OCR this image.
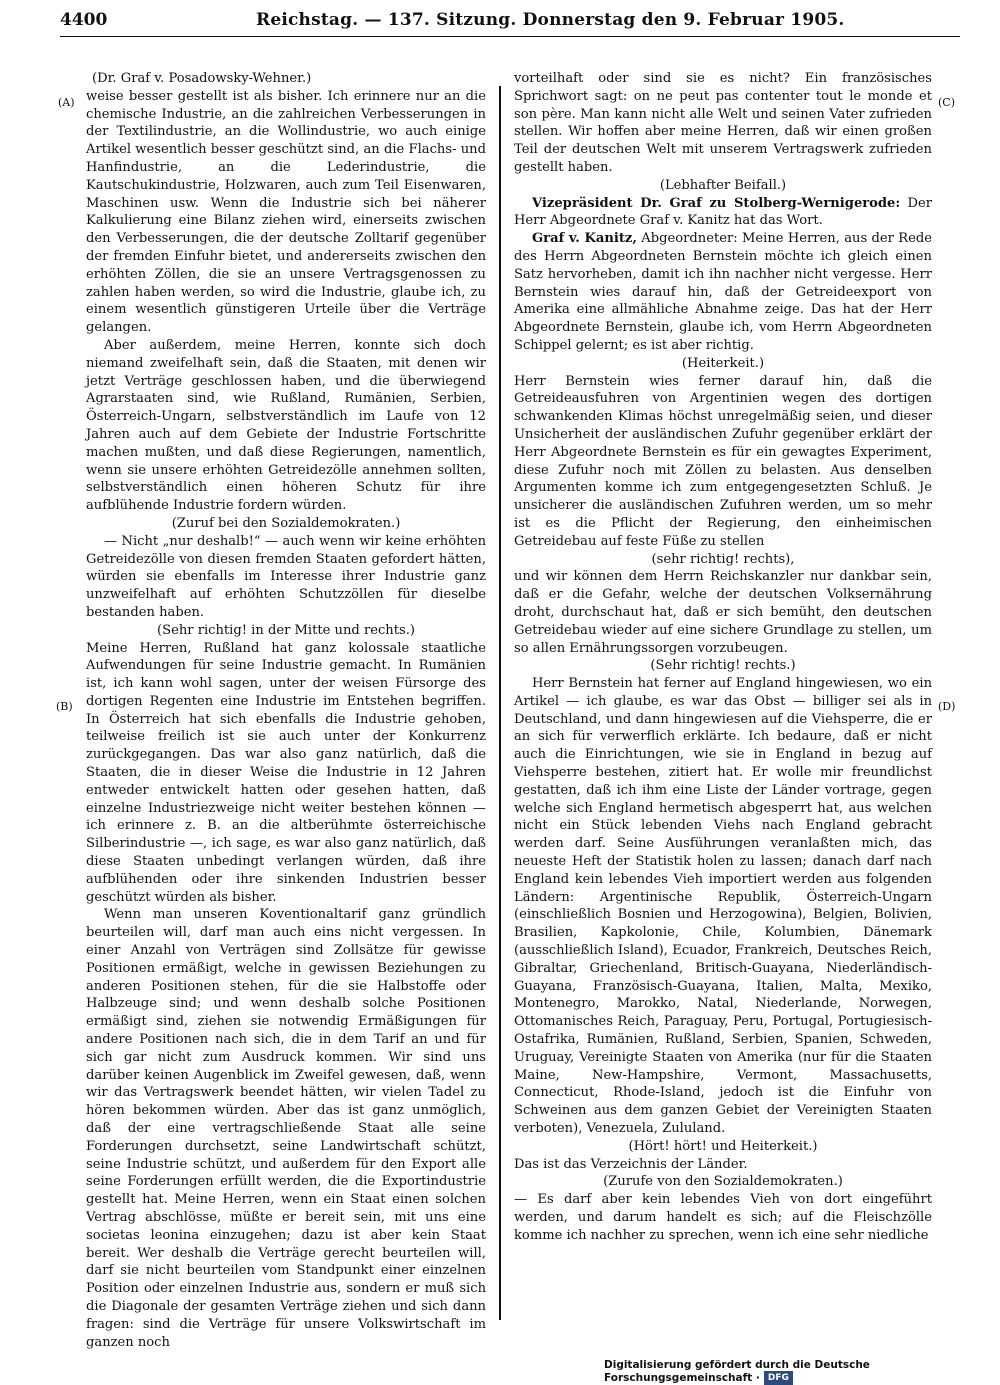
4400	Reichstag. — 137. Sitzung. Donnerstag den 9. Februar 1905.
(A)
(B)
(C)
(D)

(Dr. Graf v. Posadowsky-Wehner.)

weise besser gestellt ist als bisher. Ich erinnere nur an die chemische Industrie, an die zahlreichen Verbesserungen in der Textilindustrie, an die Wollindustrie, wo auch einige Artikel wesentlich besser geschützt sind, an die Flachs- und Hanfindustrie, an die Lederindustrie, die Kautschukindustrie, Holzwaren, auch zum Teil Eisenwaren, Maschinen usw. Wenn die Industrie sich bei näherer Kalkulierung eine Bilanz ziehen wird, einerseits zwischen den Verbesserungen, die der deutsche Zolltarif gegenüber der fremden Einfuhr bietet, und andererseits zwischen den erhöhten Zöllen, die sie an unsere Vertragsgenossen zu zahlen haben werden, so wird die Industrie, glaube ich, zu einem wesentlich günstigeren Urteile über die Verträge gelangen.

Aber außerdem, meine Herren, konnte sich doch niemand zweifelhaft sein, daß die Staaten, mit denen wir jetzt Verträge geschlossen haben, und die überwiegend Agrarstaaten sind, wie Rußland, Rumänien, Serbien, Österreich-Ungarn, selbstverständlich im Laufe von 12 Jahren auch auf dem Gebiete der Industrie Fortschritte machen mußten, und daß diese Regierungen, namentlich, wenn sie unsere erhöhten Getreidezölle annehmen sollten, selbstverständlich einen höheren Schutz für ihre aufblühende Industrie fordern würden.

(Zuruf bei den Sozialdemokraten.)

— Nicht „nur deshalb!“ — auch wenn wir keine erhöhten Getreidezölle von diesen fremden Staaten gefordert hätten, würden sie ebenfalls im Interesse ihrer Industrie ganz unzweifelhaft auf erhöhten Schutzzöllen für dieselbe bestanden haben.

(Sehr richtig! in der Mitte und rechts.)

Meine Herren, Rußland hat ganz kolossale staatliche Aufwendungen für seine Industrie gemacht. In Rumänien ist, ich kann wohl sagen, unter der weisen Fürsorge des dortigen Regenten eine Industrie im Entstehen begriffen. In Österreich hat sich ebenfalls die Industrie gehoben, teilweise freilich ist sie auch unter der Konkurrenz zurückgegangen. Das war also ganz natürlich, daß die Staaten, die in dieser Weise die Industrie in 12 Jahren entweder entwickelt hatten oder gesehen hatten, daß einzelne Industriezweige nicht weiter bestehen können — ich erinnere z. B. an die altberühmte österreichische Silberindustrie —, ich sage, es war also ganz natürlich, daß diese Staaten unbedingt verlangen würden, daß ihre aufblühenden oder ihre sinkenden Industrien besser geschützt würden als bisher.

Wenn man unseren Koventionaltarif ganz gründlich beurteilen will, darf man auch eins nicht vergessen. In einer Anzahl von Verträgen sind Zollsätze für gewisse Positionen ermäßigt, welche in gewissen Beziehungen zu anderen Positionen stehen, für die sie Halbstoffe oder Halbzeuge sind; und wenn deshalb solche Positionen ermäßigt sind, ziehen sie notwendig Ermäßigungen für andere Positionen nach sich, die in dem Tarif an und für sich gar nicht zum Ausdruck kommen. Wir sind uns darüber keinen Augenblick im Zweifel gewesen, daß, wenn wir das Vertragswerk beendet hätten, wir vielen Tadel zu hören bekommen würden. Aber das ist ganz unmöglich, daß der eine vertragschließende Staat alle seine Forderungen durchsetzt, seine Landwirtschaft schützt, seine Industrie schützt, und außerdem für den Export alle seine Forderungen erfüllt werden, die die Exportindustrie gestellt hat. Meine Herren, wenn ein Staat einen solchen Vertrag abschlösse, müßte er bereit sein, mit uns eine societas leonina einzugehen; dazu ist aber kein Staat bereit. Wer deshalb die Verträge gerecht beurteilen will, darf sie nicht beurteilen vom Standpunkt einer einzelnen Position oder einzelnen Industrie aus, sondern er muß sich die Diagonale der gesamten Verträge ziehen und sich dann fragen: sind die Verträge für unsere Volkswirtschaft im ganzen noch

vorteilhaft oder sind sie es nicht? Ein französisches Sprichwort sagt: on ne peut pas contenter tout le monde et son père. Man kann nicht alle Welt und seinen Vater zufrieden stellen. Wir hoffen aber meine Herren, daß wir einen großen Teil der deutschen Welt mit unserem Vertragswerk zufrieden gestellt haben.

(Lebhafter Beifall.)

Vizepräsident Dr. Graf zu Stolberg-Wernigerode: Der Herr Abgeordnete Graf v. Kanitz hat das Wort.

Graf v. Kanitz, Abgeordneter: Meine Herren, aus der Rede des Herrn Abgeordneten Bernstein möchte ich gleich einen Satz hervorheben, damit ich ihn nachher nicht vergesse. Herr Bernstein wies darauf hin, daß der Getreideexport von Amerika eine allmähliche Abnahme zeige. Das hat der Herr Abgeordnete Bernstein, glaube ich, vom Herrn Abgeordneten Schippel gelernt; es ist aber richtig.

(Heiterkeit.)

Herr Bernstein wies ferner darauf hin, daß die Getreideausfuhren von Argentinien wegen des dortigen schwankenden Klimas höchst unregelmäßig seien, und dieser Unsicherheit der ausländischen Zufuhr gegenüber erklärt der Herr Abgeordnete Bernstein es für ein gewagtes Experiment, diese Zufuhr noch mit Zöllen zu belasten. Aus denselben Argumenten komme ich zum entgegengesetzten Schluß. Je unsicherer die ausländischen Zufuhren werden, um so mehr ist es die Pflicht der Regierung, den einheimischen Getreidebau auf feste Füße zu stellen

(sehr richtig! rechts),

und wir können dem Herrn Reichskanzler nur dankbar sein, daß er die Gefahr, welche der deutschen Volksernährung droht, durchschaut hat, daß er sich bemüht, den deutschen Getreidebau wieder auf eine sichere Grundlage zu stellen, um so allen Ernährungssorgen vorzubeugen.

(Sehr richtig! rechts.)

Herr Bernstein hat ferner auf England hingewiesen, wo ein Artikel — ich glaube, es war das Obst — billiger sei als in Deutschland, und dann hingewiesen auf die Viehsperre, die er an sich für verwerflich erklärte. Ich bedaure, daß er nicht auch die Einrichtungen, wie sie in England in bezug auf Viehsperre bestehen, zitiert hat. Er wolle mir freundlichst gestatten, daß ich ihm eine Liste der Länder vortrage, gegen welche sich England hermetisch abgesperrt hat, aus welchen nicht ein Stück lebenden Viehs nach England gebracht werden darf. Seine Ausführungen veranlaßten mich, das neueste Heft der Statistik holen zu lassen; danach darf nach England kein lebendes Vieh importiert werden aus folgenden Ländern: Argentinische Republik, Österreich-Ungarn (einschließlich Bosnien und Herzogowina), Belgien, Bolivien, Brasilien, Kapkolonie, Chile, Kolumbien, Dänemark (ausschließlich Island), Ecuador, Frankreich, Deutsches Reich, Gibraltar, Griechenland, Britisch-Guayana, Niederländisch-Guayana, Französisch-Guayana, Italien, Malta, Mexiko, Montenegro, Marokko, Natal, Niederlande, Norwegen, Ottomanisches Reich, Paraguay, Peru, Portugal, Portugiesisch-Ostafrika, Rumänien, Rußland, Serbien, Spanien, Schweden, Uruguay, Vereinigte Staaten von Amerika (nur für die Staaten Maine, New-Hampshire, Vermont, Massachusetts, Connecticut, Rhode-Island, jedoch ist die Einfuhr von Schweinen aus dem ganzen Gebiet der Vereinigten Staaten verboten), Venezuela, Zululand.

(Hört! hört! und Heiterkeit.)

Das ist das Verzeichnis der Länder.

(Zurufe von den Sozialdemokraten.)

— Es darf aber kein lebendes Vieh von dort eingeführt werden, und darum handelt es sich; auf die Fleischzölle komme ich nachher zu sprechen, wenn ich eine sehr niedliche

Digitalisierung gefördert durch die Deutsche Forschungsgemeinschaft · DFG
